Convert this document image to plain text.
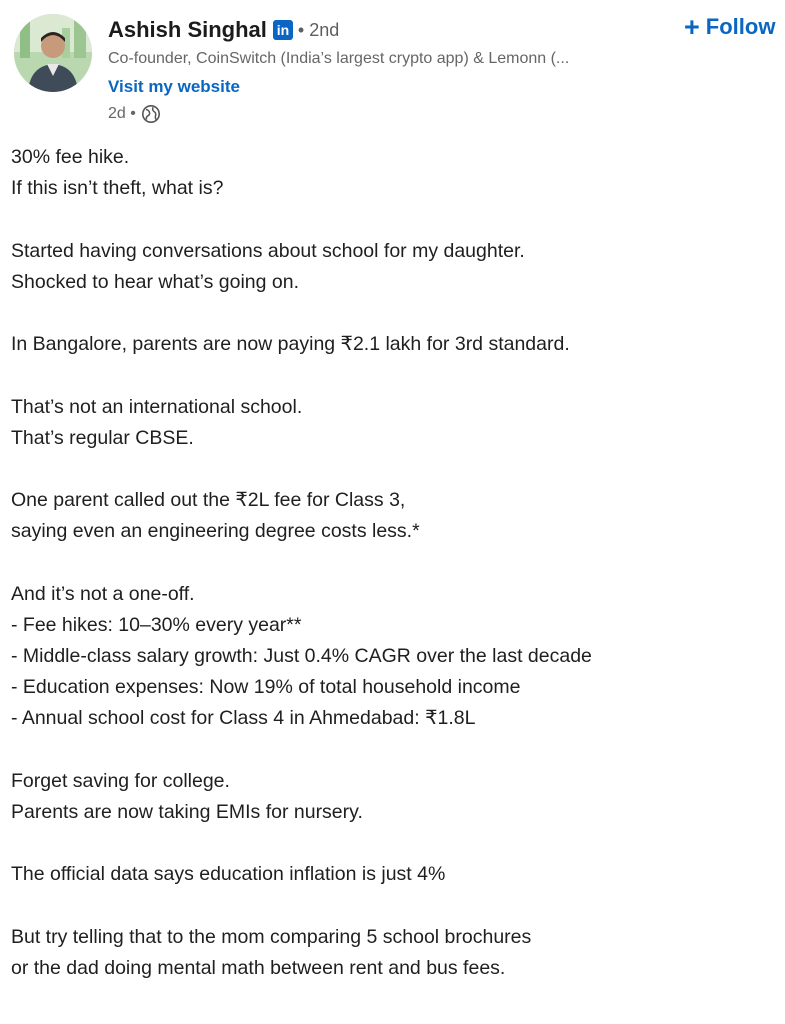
Ashish Singhal in • 2nd
Co-founder, CoinSwitch (India’s largest crypto app) & Lemonn (...
Visit my website
2d •
+ Follow
30% fee hike.
If this isn’t theft, what is?
Started having conversations about school for my daughter.
Shocked to hear what’s going on.
In Bangalore, parents are now paying ₹2.1 lakh for 3rd standard.
That’s not an international school.
That’s regular CBSE.
One parent called out the ₹2L fee for Class 3,
saying even an engineering degree costs less.*
And it’s not a one-off.
- Fee hikes: 10–30% every year**
- Middle-class salary growth: Just 0.4% CAGR over the last decade
- Education expenses: Now 19% of total household income
- Annual school cost for Class 4 in Ahmedabad: ₹1.8L
Forget saving for college.
Parents are now taking EMIs for nursery.
The official data says education inflation is just 4%
But try telling that to the mom comparing 5 school brochures
or the dad doing mental math between rent and bus fees.
